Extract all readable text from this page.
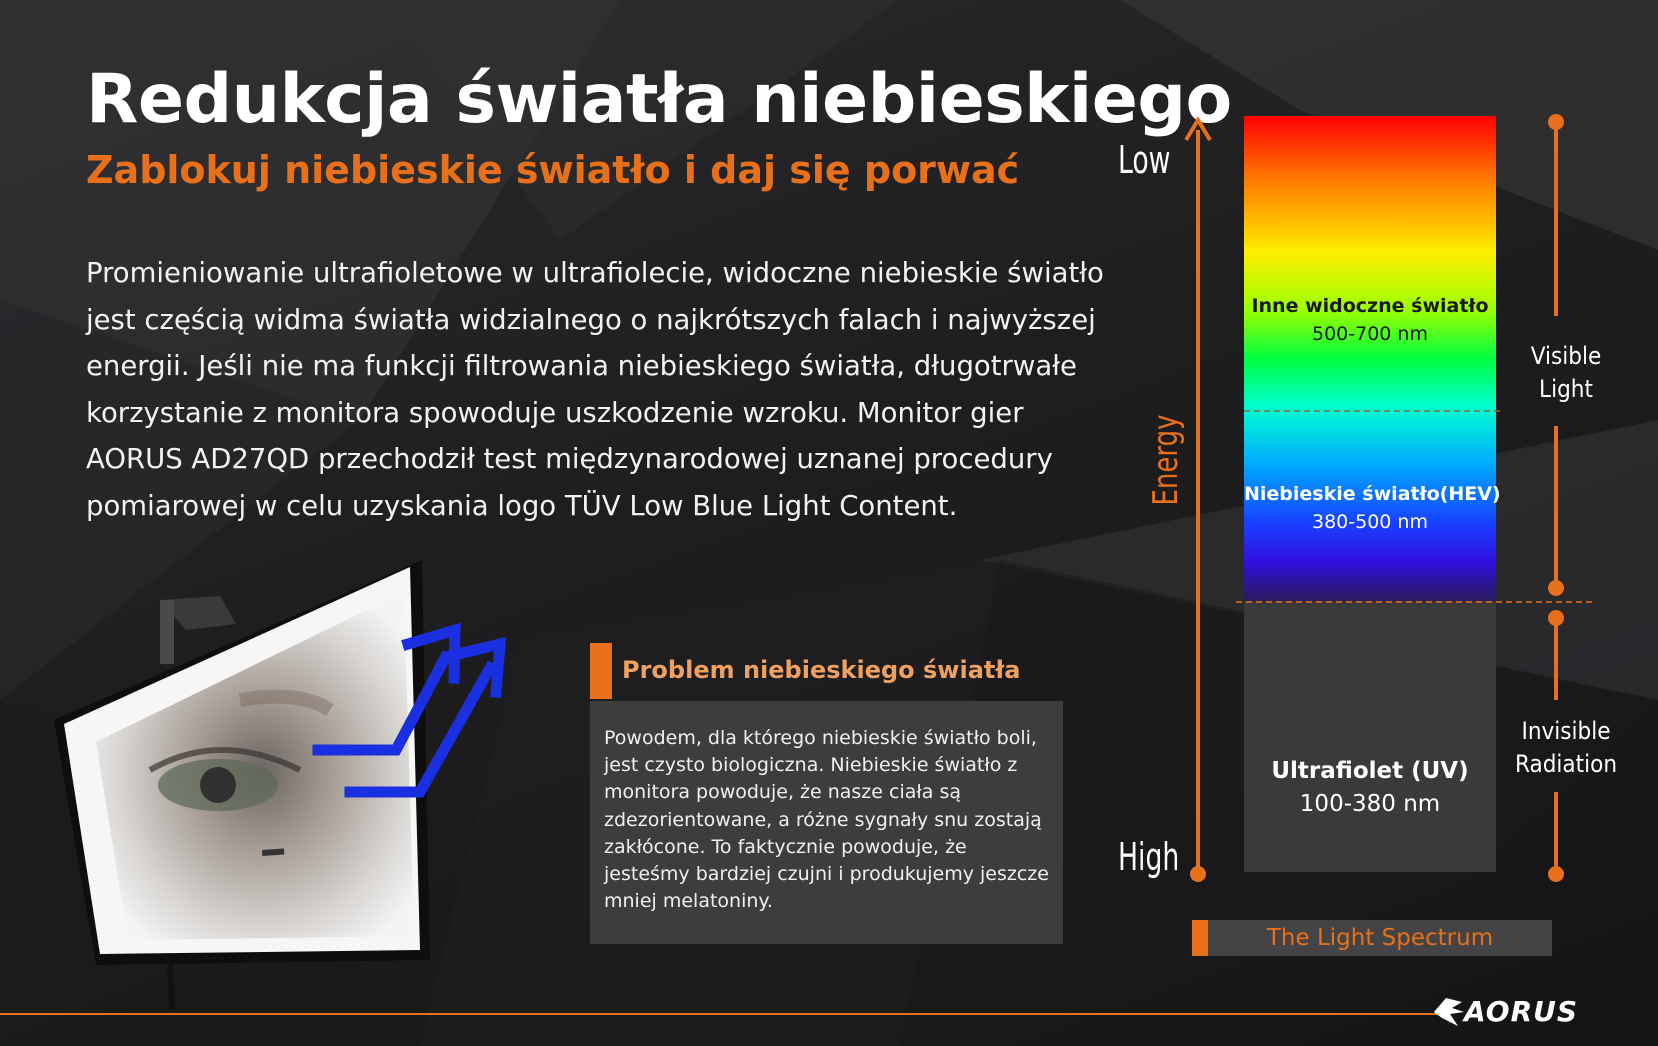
Redukcja światła niebieskiego
Zablokuj niebieskie światło i daj się porwać

Promieniowanie ultrafioletowe w ultrafiolecie, widoczne niebieskie światło jest częścią widma światła widzialnego o najkrótszych falach i najwyższej energii. Jeśli nie ma funkcji filtrowania niebieskiego światła, długotrwałe korzystanie z monitora spowoduje uszkodzenie wzroku. Monitor gier AORUS AD27QD przechodził test międzynarodowej uznanej procedury pomiarowej w celu uzyskania logo TÜV Low Blue Light Content.

Problem niebieskiego światła
Powodem, dla którego niebieskie światło boli, jest czysto biologiczna. Niebieskie światło z monitora powoduje, że nasze ciała są zdezorientowane, a różne sygnały snu zostają zakłócone. To faktycznie powoduje, że jesteśmy bardziej czujni i produkujemy jeszcze mniej melatoniny.
Low
High
Energy
Inne widoczne światło
500-700 nm
Niebieskie światło(HEV)
380-500 nm
Ultrafiolet (UV)
100-380 nm
Visible Light
Invisible Radiation
The Light Spectrum
AORUS
